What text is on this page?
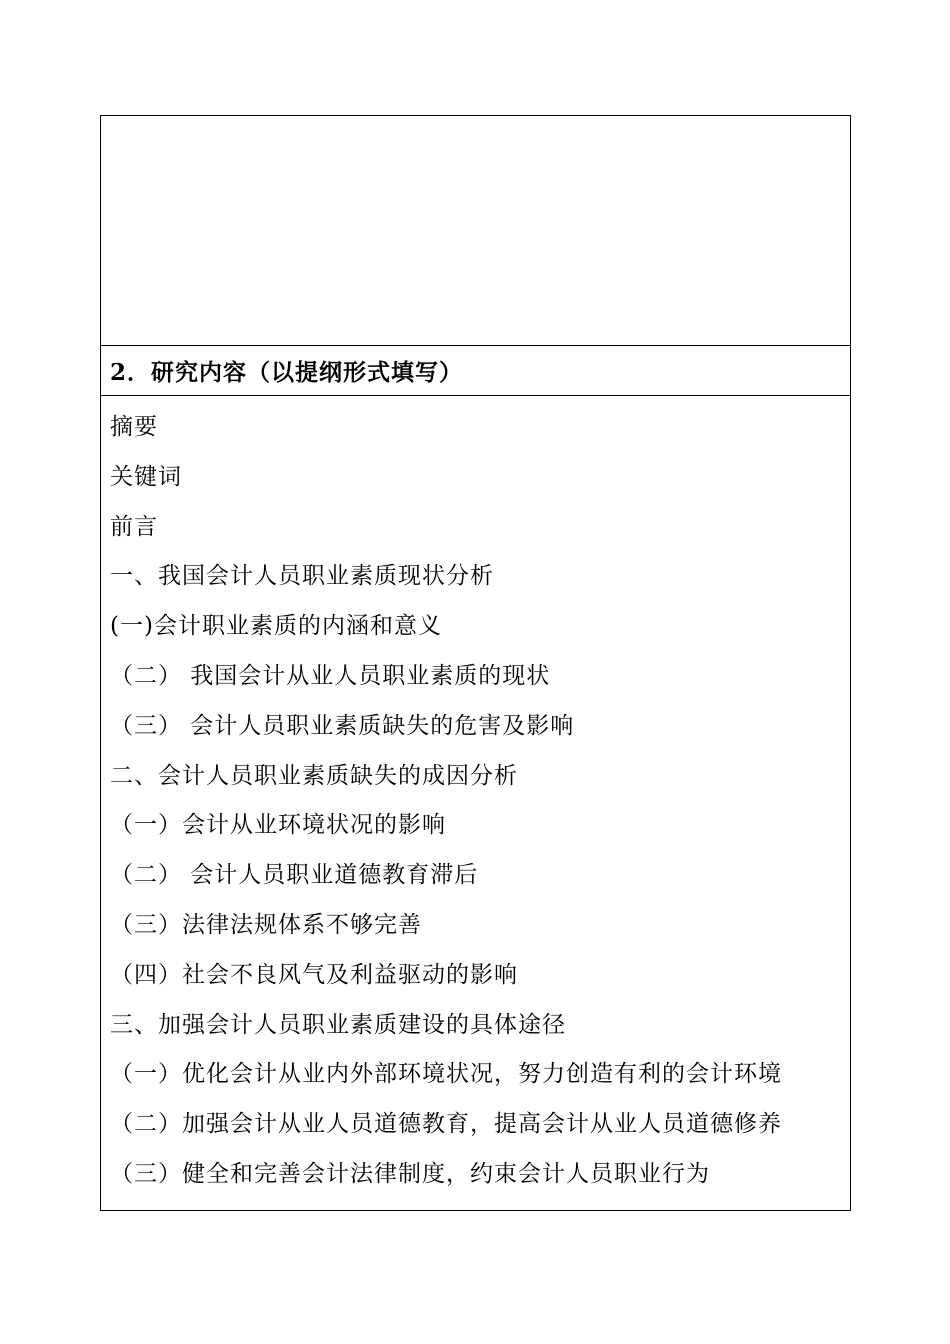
2．研究内容（以提纲形式填写）
摘要
关键词
前言
一、我国会计人员职业素质现状分析
(一)会计职业素质的内涵和意义
（二） 我国会计从业人员职业素质的现状
（三） 会计人员职业素质缺失的危害及影响
二、会计人员职业素质缺失的成因分析
（一）会计从业环境状况的影响
（二） 会计人员职业道德教育滞后
（三）法律法规体系不够完善
（四）社会不良风气及利益驱动的影响
三、加强会计人员职业素质建设的具体途径
（一）优化会计从业内外部环境状况，努力创造有利的会计环境
（二）加强会计从业人员道德教育，提高会计从业人员道德修养
（三）健全和完善会计法律制度，约束会计人员职业行为
